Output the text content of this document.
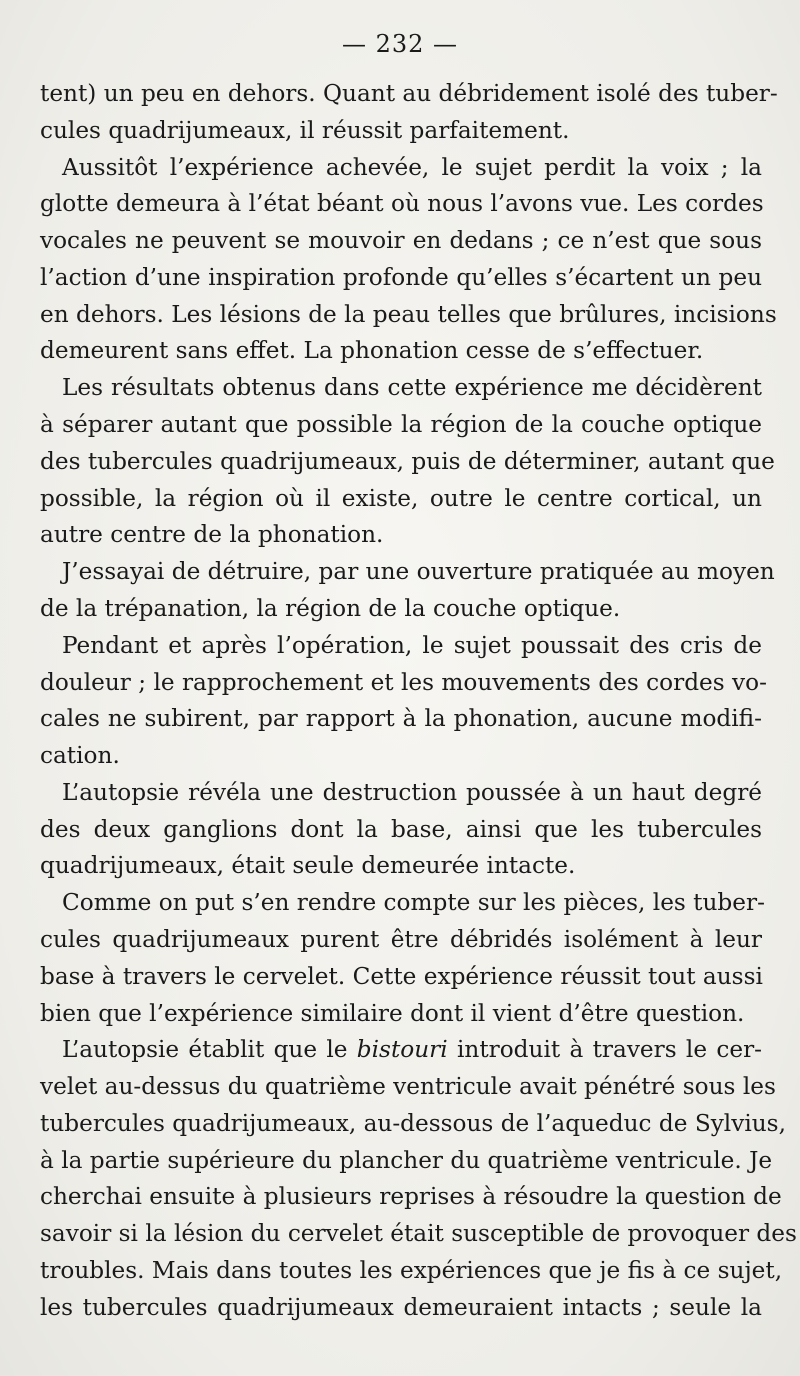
— 232 —
tent) un peu en dehors. Quant au débridement isolé des tuber-
cules quadrijumeaux, il réussit parfaitement.
Aussitôt l’expérience achevée, le sujet perdit la voix ; la
glotte demeura à l’état béant où nous l’avons vue. Les cordes
vocales ne peuvent se mouvoir en dedans ; ce n’est que sous
l’action d’une inspiration profonde qu’elles s’écartent un peu
en dehors. Les lésions de la peau telles que brûlures, incisions
demeurent sans effet. La phonation cesse de s’effectuer.
Les résultats obtenus dans cette expérience me décidèrent
à séparer autant que possible la région de la couche optique
des tubercules quadrijumeaux, puis de déterminer, autant que
possible, la région où il existe, outre le centre cortical, un
autre centre de la phonation.
J’essayai de détruire, par une ouverture pratiquée au moyen
de la trépanation, la région de la couche optique.
Pendant et après l’opération, le sujet poussait des cris de
douleur ; le rapprochement et les mouvements des cordes vo-
cales ne subirent, par rapport à la phonation, aucune modifi-
cation.
L’autopsie révéla une destruction poussée à un haut degré
des deux ganglions dont la base, ainsi que les tubercules
quadrijumeaux, était seule demeurée intacte.
Comme on put s’en rendre compte sur les pièces, les tuber-
cules quadrijumeaux purent être débridés isolément à leur
base à travers le cervelet. Cette expérience réussit tout aussi
bien que l’expérience similaire dont il vient d’être question.
L’autopsie établit que le bistouri introduit à travers le cer-
velet au-dessus du quatrième ventricule avait pénétré sous les
tubercules quadrijumeaux, au-dessous de l’aqueduc de Sylvius,
à la partie supérieure du plancher du quatrième ventricule. Je
cherchai ensuite à plusieurs reprises à résoudre la question de
savoir si la lésion du cervelet était susceptible de provoquer des
troubles. Mais dans toutes les expériences que je fis à ce sujet,
les tubercules quadrijumeaux demeuraient intacts ; seule la
